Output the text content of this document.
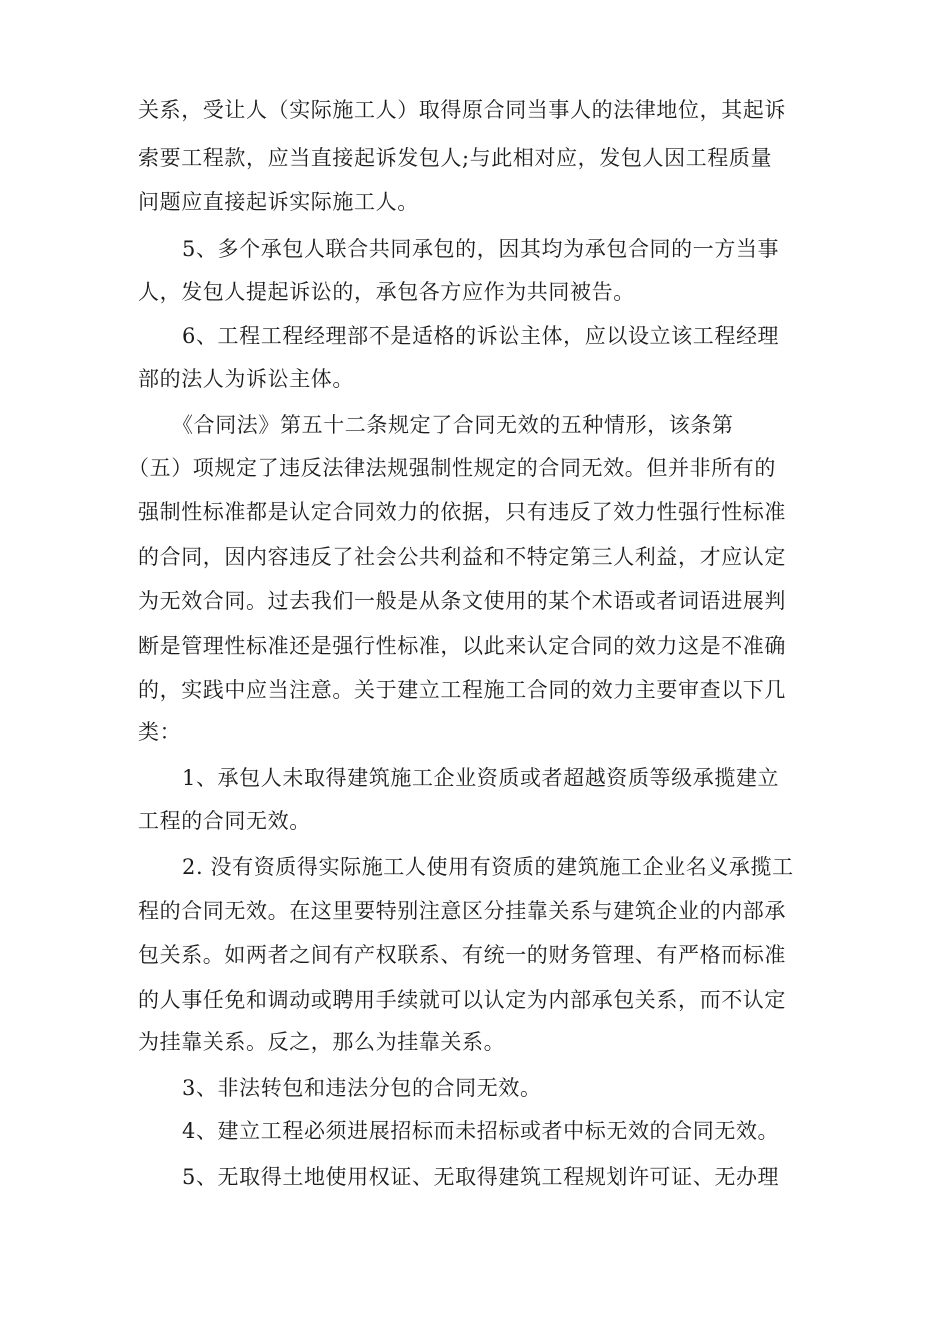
关系，受让人（实际施工人）取得原合同当事人的法律地位，其起诉
索要工程款，应当直接起诉发包人;与此相对应，发包人因工程质量
问题应直接起诉实际施工人。
5、多个承包人联合共同承包的，因其均为承包合同的一方当事
人，发包人提起诉讼的，承包各方应作为共同被告。
6、工程工程经理部不是适格的诉讼主体，应以设立该工程经理
部的法人为诉讼主体。
《合同法》第五十二条规定了合同无效的五种情形，该条第
（五）项规定了违反法律法规强制性规定的合同无效。但并非所有的
强制性标准都是认定合同效力的依据，只有违反了效力性强行性标准
的合同，因内容违反了社会公共利益和不特定第三人利益，才应认定
为无效合同。过去我们一般是从条文使用的某个术语或者词语进展判
断是管理性标准还是强行性标准，以此来认定合同的效力这是不准确
的，实践中应当注意。关于建立工程施工合同的效力主要审查以下几
类：
1、承包人未取得建筑施工企业资质或者超越资质等级承揽建立
工程的合同无效。
2. 没有资质得实际施工人使用有资质的建筑施工企业名义承揽工
程的合同无效。在这里要特别注意区分挂靠关系与建筑企业的内部承
包关系。如两者之间有产权联系、有统一的财务管理、有严格而标准
的人事任免和调动或聘用手续就可以认定为内部承包关系，而不认定
为挂靠关系。反之，那么为挂靠关系。
3、非法转包和违法分包的合同无效。
4、建立工程必须进展招标而未招标或者中标无效的合同无效。
5、无取得土地使用权证、无取得建筑工程规划许可证、无办理
